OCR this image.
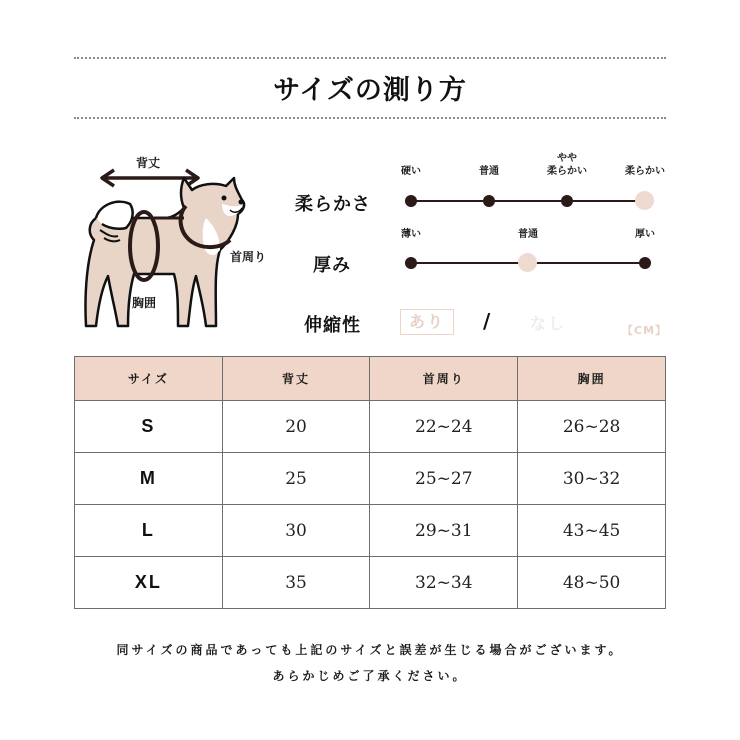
サイズの測り方
背丈
首周り
胸囲
柔らかさ
硬い	普通
やや
柔らかい	柔らかい
厚み
薄い	普通	厚い
伸縮性	あり	/ なし	【CM】
サイズ	背丈	首周り	胸囲
S	20	22~24	26~28
M	25	25~27	30~32
L	30	29~31	43~45
XL	35	32~34	48~50
同サイズの商品であっても上記のサイズと誤差が生じる場合がございます。
あらかじめご了承ください。
